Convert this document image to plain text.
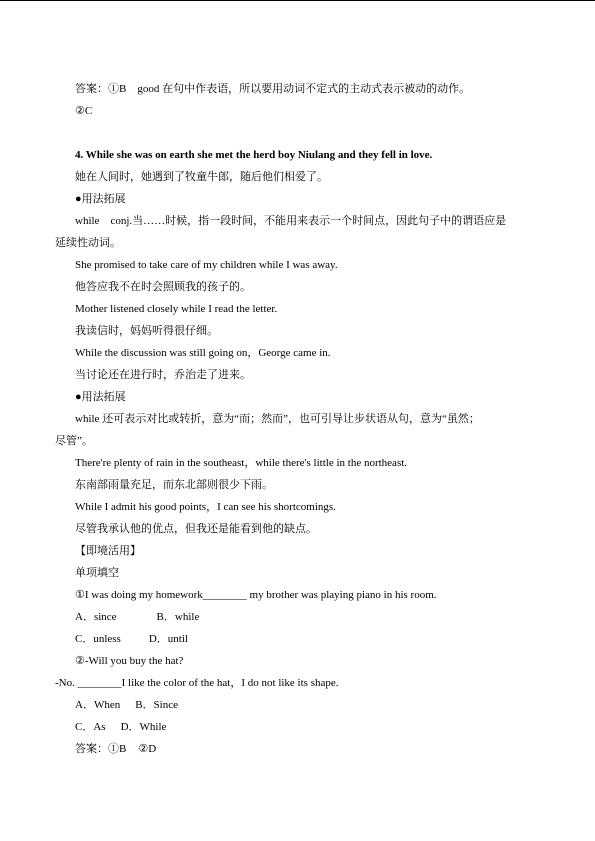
答案：①B　good 在句中作表语，所以要用动词不定式的主动式表示被动的动作。
②C
4. While she was on earth she met the herd boy Niulang and they fell in love.
她在人间时，她遇到了牧童牛郎，随后他们相爱了。
●用法拓展
while　conj.当……时候，指一段时间，不能用来表示一个时间点，因此句子中的谓语应是
延续性动词。
She promised to take care of my children while I was away.
他答应我不在时会照顾我的孩子的。
Mother listened closely while I read the letter.
我读信时，妈妈听得很仔细。
While the discussion was still going on，George came in.
当讨论还在进行时，乔治走了进来。
●用法拓展
while 还可表示对比或转折，意为“而；然而”，也可引导让步状语从句，意为“虽然；
尽管”。
There're plenty of rain in the southeast，while there's little in the northeast.
东南部雨量充足，而东北部则很少下雨。
While I admit his good points，I can see his shortcomings.
尽管我承认他的优点，但我还是能看到他的缺点。
【即境活用】
单项填空
①I was doing my homework________ my brother was playing piano in his room.
A．since	B．while
C．unless	D．until
②-Will you buy the hat?
-No. ________I like the color of the hat，I do not like its shape.
A．When B．Since
C．As D．While
答案：①B ②D
